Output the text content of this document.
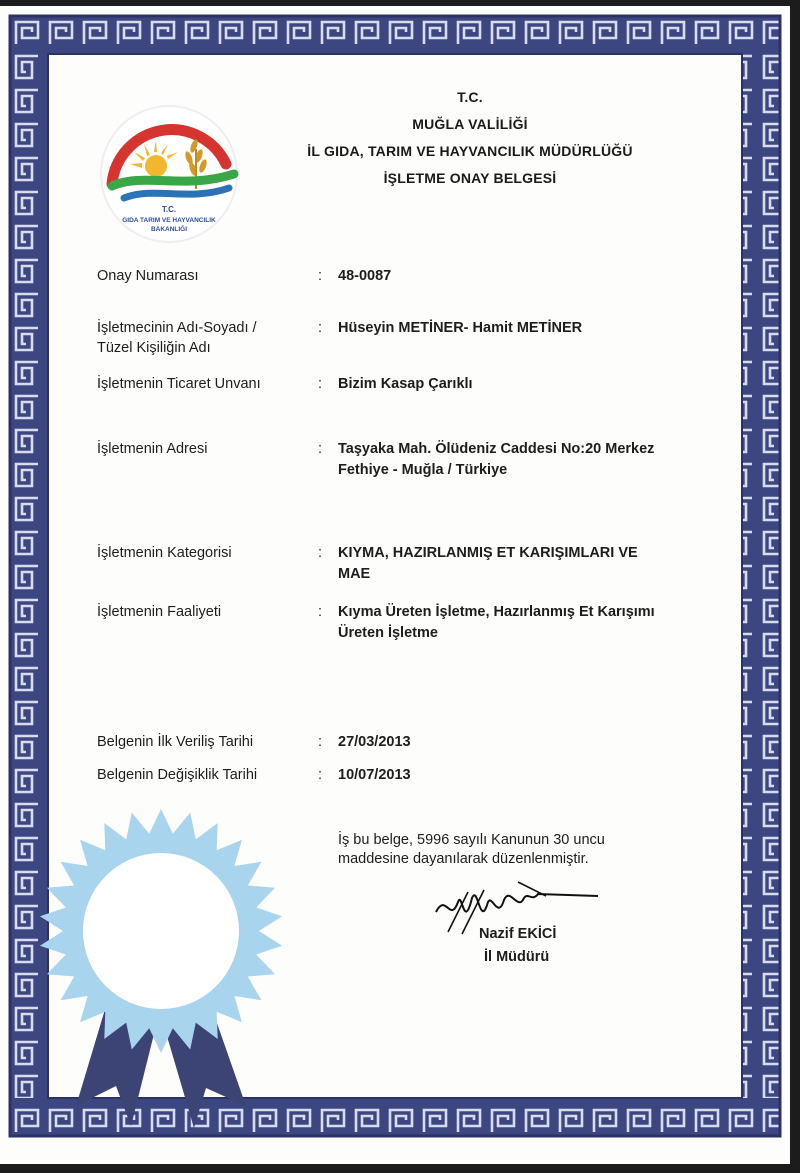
T.C.
GIDA TARIM VE HAYVANCILIK
BAKANLIĞI
T.C.
MUĞLA VALİLİĞİ
İL GIDA, TARIM VE HAYVANCILIK MÜDÜRLÜĞÜ
İŞLETME ONAY BELGESİ
Onay Numarası	: 48-0087
İşletmecinin Adı-Soyadı /
Tüzel Kişiliğin Adı
: Hüseyin METİNER- Hamit METİNER
İşletmenin Ticaret Unvanı	: Bizim Kasap Çarıklı
İşletmenin Adresi	: Taşyaka Mah. Ölüdeniz Caddesi No:20 Merkez
Fethiye - Muğla / Türkiye
İşletmenin Kategorisi	: KIYMA, HAZIRLANMIŞ ET KARIŞIMLARI VE
MAE
İşletmenin Faaliyeti	: Kıyma Üreten İşletme, Hazırlanmış Et Karışımı
Üreten İşletme
Belgenin İlk Veriliş Tarihi	: 27/03/2013
Belgenin Değişiklik Tarihi	: 10/07/2013
İş bu belge, 5996 sayılı Kanunun 30 uncu
maddesine dayanılarak düzenlenmiştir.
Nazif EKİCİ
İl Müdürü
